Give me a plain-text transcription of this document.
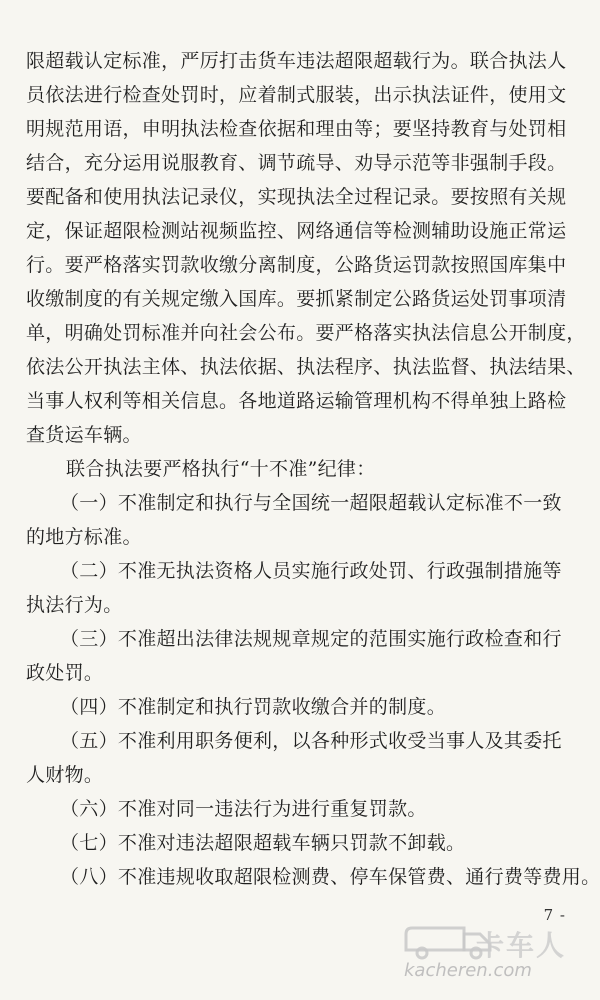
限超载认定标准，严厉打击货车违法超限超载行为。联合执法人
员依法进行检查处罚时，应着制式服装，出示执法证件，使用文
明规范用语，申明执法检查依据和理由等；要坚持教育与处罚相
结合，充分运用说服教育、调节疏导、劝导示范等非强制手段。
要配备和使用执法记录仪，实现执法全过程记录。要按照有关规
定，保证超限检测站视频监控、网络通信等检测辅助设施正常运
行。要严格落实罚款收缴分离制度，公路货运罚款按照国库集中
收缴制度的有关规定缴入国库。要抓紧制定公路货运处罚事项清
单，明确处罚标准并向社会公布。要严格落实执法信息公开制度，
依法公开执法主体、执法依据、执法程序、执法监督、执法结果、
当事人权利等相关信息。各地道路运输管理机构不得单独上路检
查货运车辆。
联合执法要严格执行“十不准”纪律：
（一）不准制定和执行与全国统一超限超载认定标准不一致
的地方标准。
（二）不准无执法资格人员实施行政处罚、行政强制措施等
执法行为。
（三）不准超出法律法规规章规定的范围实施行政检查和行
政处罚。
（四）不准制定和执行罚款收缴合并的制度。
（五）不准利用职务便利，以各种形式收受当事人及其委托
人财物。
（六）不准对同一违法行为进行重复罚款。
（七）不准对违法超限超载车辆只罚款不卸载。
（八）不准违规收取超限检测费、停车保管费、通行费等费用。
7 -
卡车人
kacheren.com
